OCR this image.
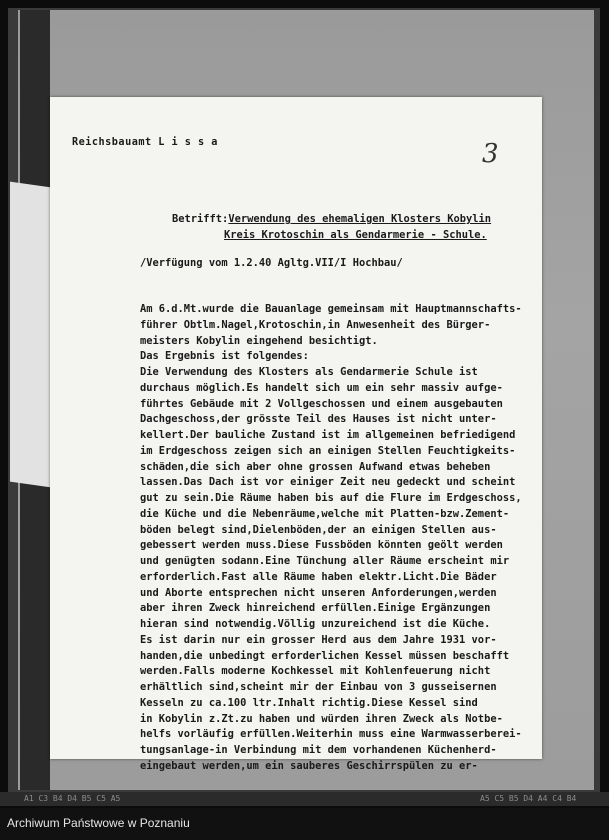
Reichsbauamt L i s s a	3
Betrifft:Verwendung des ehemaligen Klosters Kobylin
Kreis Krotoschin als Gendarmerie - Schule.
/Verfügung vom 1.2.40 Agltg.VII/I Hochbau/
Am 6.d.Mt.wurde die Bauanlage gemeinsam mit Hauptmannschafts-
führer Obtlm.Nagel,Krotoschin,in Anwesenheit des Bürger-
meisters Kobylin eingehend besichtigt.
Das Ergebnis ist folgendes:
Die Verwendung des Klosters als Gendarmerie Schule ist
durchaus möglich.Es handelt sich um ein sehr massiv aufge-
führtes Gebäude mit 2 Vollgeschossen und einem ausgebauten
Dachgeschoss,der grösste Teil des Hauses ist nicht unter-
kellert.Der bauliche Zustand ist im allgemeinen befriedigend
im Erdgeschoss zeigen sich an einigen Stellen Feuchtigkeits-
schäden,die sich aber ohne grossen Aufwand etwas beheben
lassen.Das Dach ist vor einiger Zeit neu gedeckt und scheint
gut zu sein.Die Räume haben bis auf die Flure im Erdgeschoss,
die Küche und die Nebenräume,welche mit Platten-bzw.Zement-
böden belegt sind,Dielenböden,der an einigen Stellen aus-
gebessert werden muss.Diese Fussböden könnten geölt werden
und genügten sodann.Eine Tünchung aller Räume erscheint mir
erforderlich.Fast alle Räume haben elektr.Licht.Die Bäder
und Aborte entsprechen nicht unseren Anforderungen,werden
aber ihren Zweck hinreichend erfüllen.Einige Ergänzungen
hieran sind notwendig.Völlig unzureichend ist die Küche.
Es ist darin nur ein grosser Herd aus dem Jahre 1931 vor-
handen,die unbedingt erforderlichen Kessel müssen beschafft
werden.Falls moderne Kochkessel mit Kohlenfeuerung nicht
erhältlich sind,scheint mir der Einbau von 3 gusseisernen
Kesseln zu ca.100 ltr.Inhalt richtig.Diese Kessel sind
in Kobylin z.Zt.zu haben und würden ihren Zweck als Notbe-
helfs vorläufig erfüllen.Weiterhin muss eine Warmwasserberei-
tungsanlage-in Verbindung mit dem vorhandenen Küchenherd-
eingebaut werden,um ein sauberes Geschirrspülen zu er-
A1 C3 B4 D4 B5 C5 A5	A5 C5 B5 D4 A4 C4 B4
Archiwum Państwowe w Poznaniu
